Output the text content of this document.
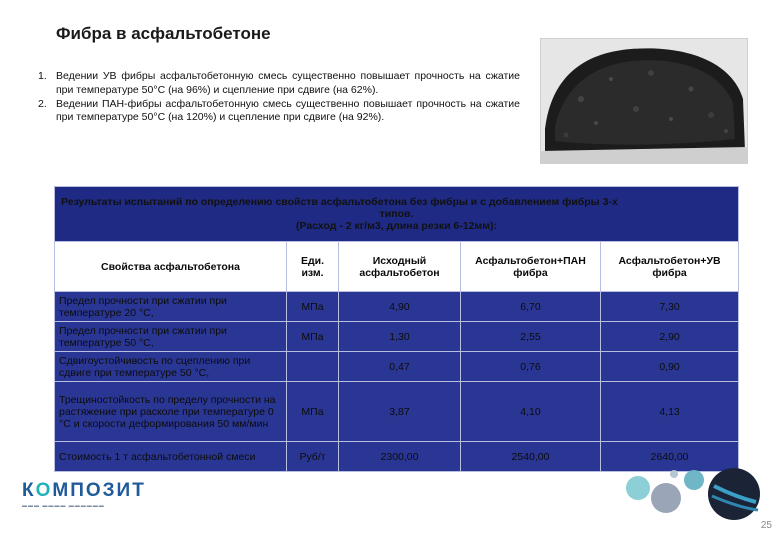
Фибра в асфальтобетоне
1. Ведении УВ фибры асфальтобетонную смесь существенно повышает прочность на сжатие при температуре 50°С (на 96%) и сцепление при сдвиге (на 62%).
2. Ведении ПАН-фибры асфальтобетонную смесь существенно повышает прочность на сжатие при температуре 50°С (на 120%) и сцепление при сдвиге (на 92%).
Результаты испытаний по определению свойств асфальтобетона без фибры и с добавлением фибры 3-х
типов.
(Расход - 2 кг/м3, длина резки 6-12мм):				

Свойства асфальтобетона	Еди. изм.	Исходный асфальтобетон	Асфальтобетон+ПАН фибра	Асфальтобетон+УВ фибра
Предел прочности при сжатии при температуре 20 °С,	МПа	4,90	6,70	7,30
Предел прочности при сжатии при температуре 50 °С,	МПа	1,30	2,55	2,90
Сдвигоустойчивость по сцеплению при сдвиге при температуре 50 °С,		0,47	0,76	0,90
Трещиностойкость по пределу прочности на растяжение при расколе при температуре 0 °С и скорости деформирования 50 мм/мин	МПа	3,87	4,10	4,13
Стоимость 1 т асфальтобетонной смеси	Руб/т	2300,00	2540,00	2640,00
КОМПОЗИТ
▬▬▬ ▬▬▬▬ ▬▬▬▬▬▬
25
